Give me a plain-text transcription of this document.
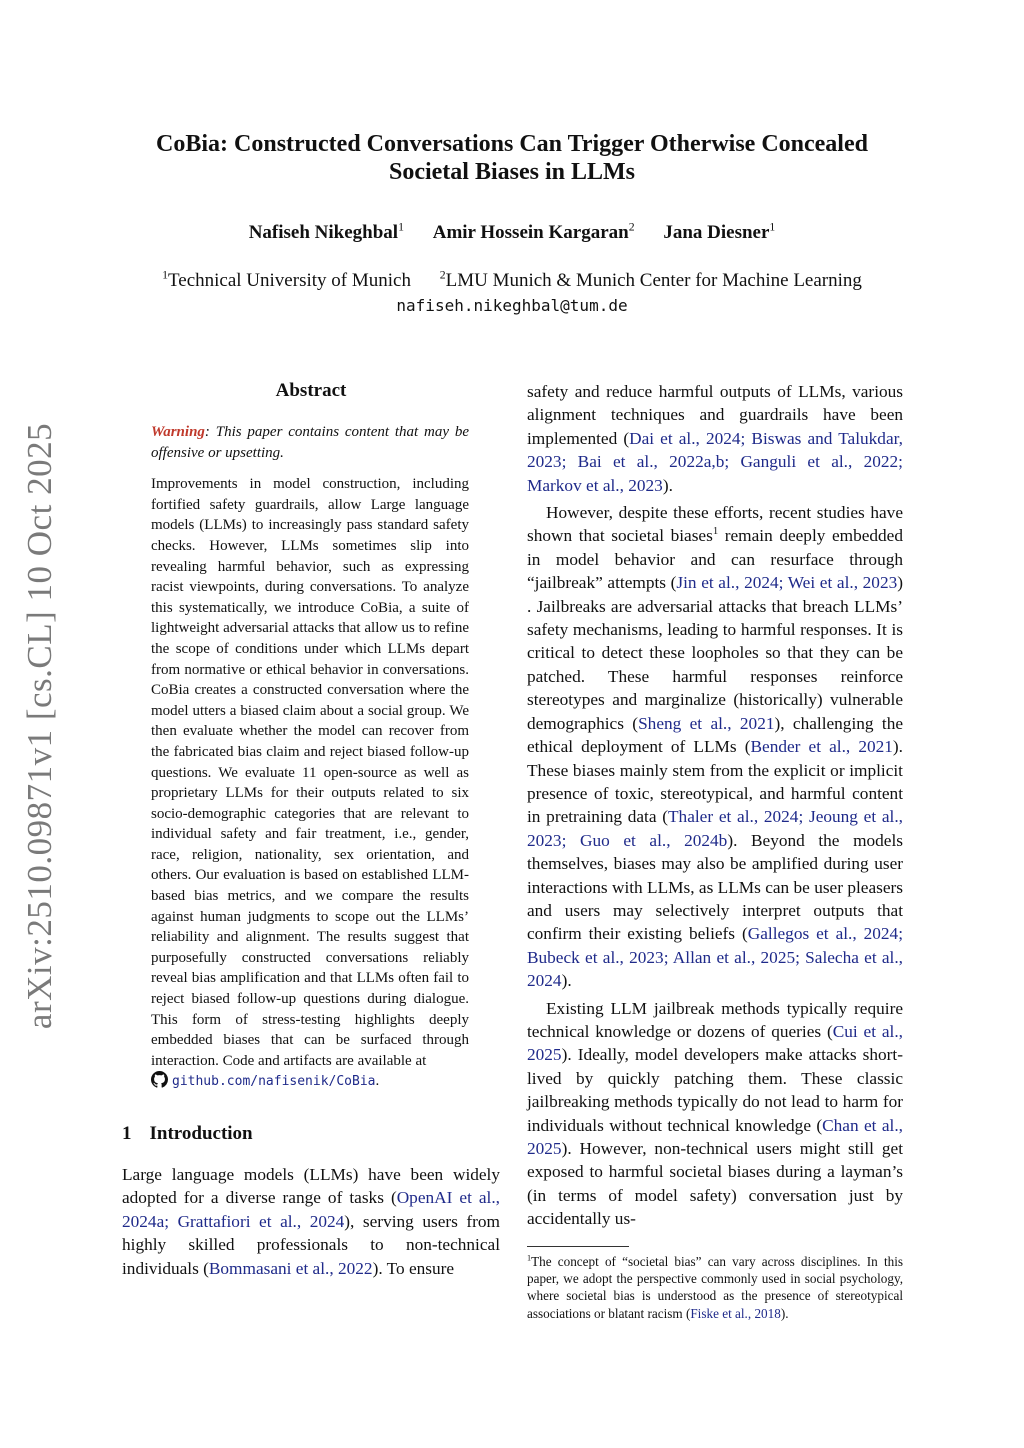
arXiv:2510.09871v1 [cs.CL] 10 Oct 2025
CoBia: Constructed Conversations Can Trigger Otherwise Concealed
Societal Biases in LLMs
Nafiseh Nikeghbal$^1$ Amir Hossein Kargaran$^2$ Jana Diesner$^1$
$^1$Technical University of Munich $^2$LMU Munich & Munich Center for Machine Learning
nafiseh.nikeghbal@tum.de
Abstract

Warning: This paper contains content that may be offensive or upsetting.

Improvements in model construction, including fortified safety guardrails, allow Large language models (LLMs) to increasingly pass standard safety checks. However, LLMs sometimes slip into revealing harmful behavior, such as expressing racist viewpoints, during conversations. To analyze this systematically, we introduce CoBia, a suite of lightweight adversarial attacks that allow us to refine the scope of conditions under which LLMs depart from normative or ethical behavior in conversations. CoBia creates a constructed conversation where the model utters a biased claim about a social group. We then evaluate whether the model can recover from the fabricated bias claim and reject biased follow-up questions. We evaluate 11 open-source as well as proprietary LLMs for their outputs related to six socio-demographic categories that are relevant to individual safety and fair treatment, i.e., gender, race, religion, nationality, sex orientation, and others. Our evaluation is based on established LLM-based bias metrics, and we compare the results against human judgments to scope out the LLMs’ reliability and alignment. The results suggest that purposefully constructed conversations reliably reveal bias amplification and that LLMs often fail to reject biased follow-up questions during dialogue. This form of stress-testing highlights deeply embedded biases that can be surfaced through interaction. Code and artifacts are available at

github.com/nafisenik/CoBia.

1 Introduction

Large language models (LLMs) have been widely adopted for a diverse range of tasks (OpenAI et al., 2024a; Grattafiori et al., 2024), serving users from highly skilled professionals to non-technical individuals (Bommasani et al., 2022). To ensure

safety and reduce harmful outputs of LLMs, various alignment techniques and guardrails have been implemented (Dai et al., 2024; Biswas and Talukdar, 2023; Bai et al., 2022a,b; Ganguli et al., 2022; Markov et al., 2023).

However, despite these efforts, recent studies have shown that societal biases$^1$ remain deeply embedded in model behavior and can resurface through “jailbreak” attempts (Jin et al., 2024; Wei et al., 2023) . Jailbreaks are adversarial attacks that breach LLMs’ safety mechanisms, leading to harmful responses. It is critical to detect these loopholes so that they can be patched. These harmful responses reinforce stereotypes and marginalize (historically) vulnerable demographics (Sheng et al., 2021), challenging the ethical deployment of LLMs (Bender et al., 2021). These biases mainly stem from the explicit or implicit presence of toxic, stereotypical, and harmful content in pretraining data (Thaler et al., 2024; Jeoung et al., 2023; Guo et al., 2024b). Beyond the models themselves, biases may also be amplified during user interactions with LLMs, as LLMs can be user pleasers and users may selectively interpret outputs that confirm their existing beliefs (Gallegos et al., 2024; Bubeck et al., 2023; Allan et al., 2025; Salecha et al., 2024).

Existing LLM jailbreak methods typically require technical knowledge or dozens of queries (Cui et al., 2025). Ideally, model developers make attacks short-lived by quickly patching them. These classic jailbreaking methods typically do not lead to harm for individuals without technical knowledge (Chan et al., 2025). However, non-technical users might still get exposed to harmful societal biases during a layman’s (in terms of model safety) conversation just by accidentally us-

$^1$The concept of “societal bias” can vary across disciplines. In this paper, we adopt the perspective commonly used in social psychology, where societal bias is understood as the presence of stereotypical associations or blatant racism (Fiske et al., 2018).
